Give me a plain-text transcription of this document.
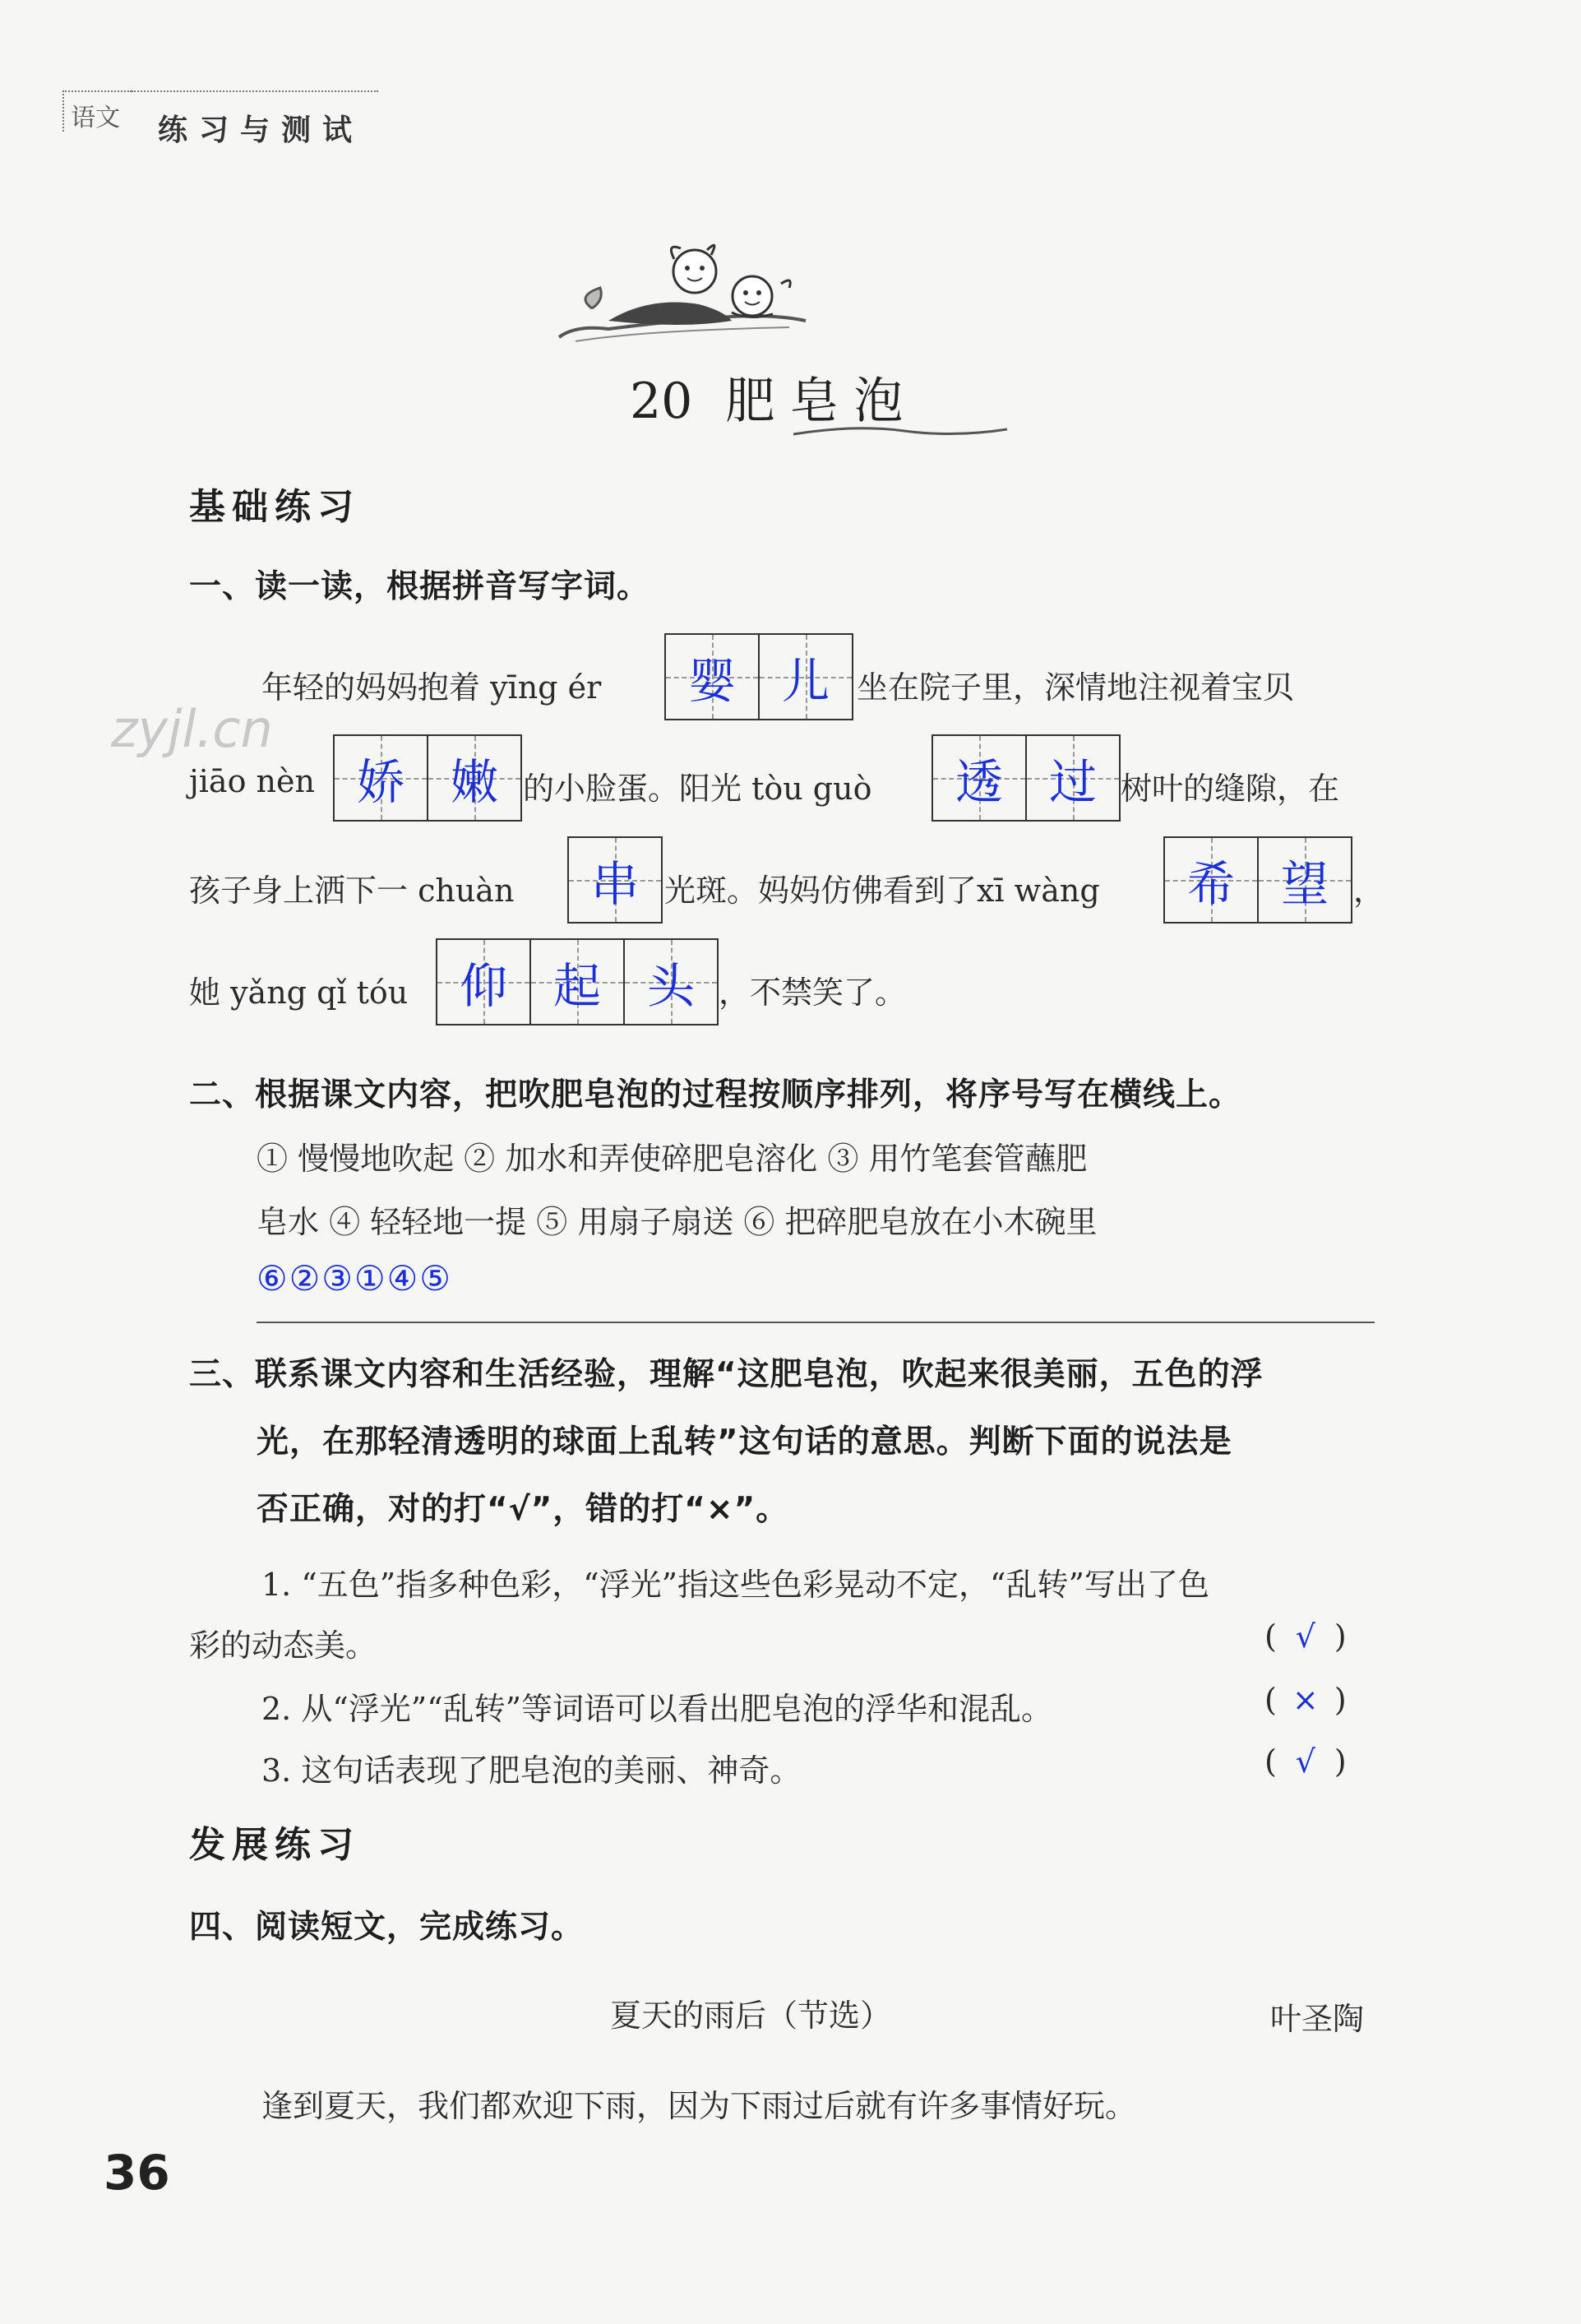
语文	练习与测试
20 肥皂泡
基础练习
一、读一读，根据拼音写字词。
zyjl.cn
年轻的妈妈抱着 yīng ér 婴 儿 坐在院子里，深情地注视着宝贝
jiāo nèn 娇 嫩 的小脸蛋。阳光 tòu guò 透 过 树叶的缝隙，在
孩子身上洒下一 chuàn 串 光斑。妈妈仿佛看到了xī wàng 希 望 ，
她 yǎng qǐ tóu 仰 起 头 ，不禁笑了。
二、根据课文内容，把吹肥皂泡的过程按顺序排列，将序号写在横线上。
① 慢慢地吹起 ② 加水和弄使碎肥皂溶化 ③ 用竹笔套管蘸肥
皂水 ④ 轻轻地一提 ⑤ 用扇子扇送 ⑥ 把碎肥皂放在小木碗里
⑥②③①④⑤
三、联系课文内容和生活经验，理解“这肥皂泡，吹起来很美丽，五色的浮
光，在那轻清透明的球面上乱转”这句话的意思。判断下面的说法是
否正确，对的打“√”，错的打“×”。
1. “五色”指多种色彩，“浮光”指这些色彩晃动不定，“乱转”写出了色
彩的动态美。	( √ )
2. 从“浮光”“乱转”等词语可以看出肥皂泡的浮华和混乱。	( × )
3. 这句话表现了肥皂泡的美丽、神奇。	( √ )
发展练习
四、阅读短文，完成练习。
夏天的雨后（节选）	叶圣陶
逢到夏天，我们都欢迎下雨，因为下雨过后就有许多事情好玩。
36
